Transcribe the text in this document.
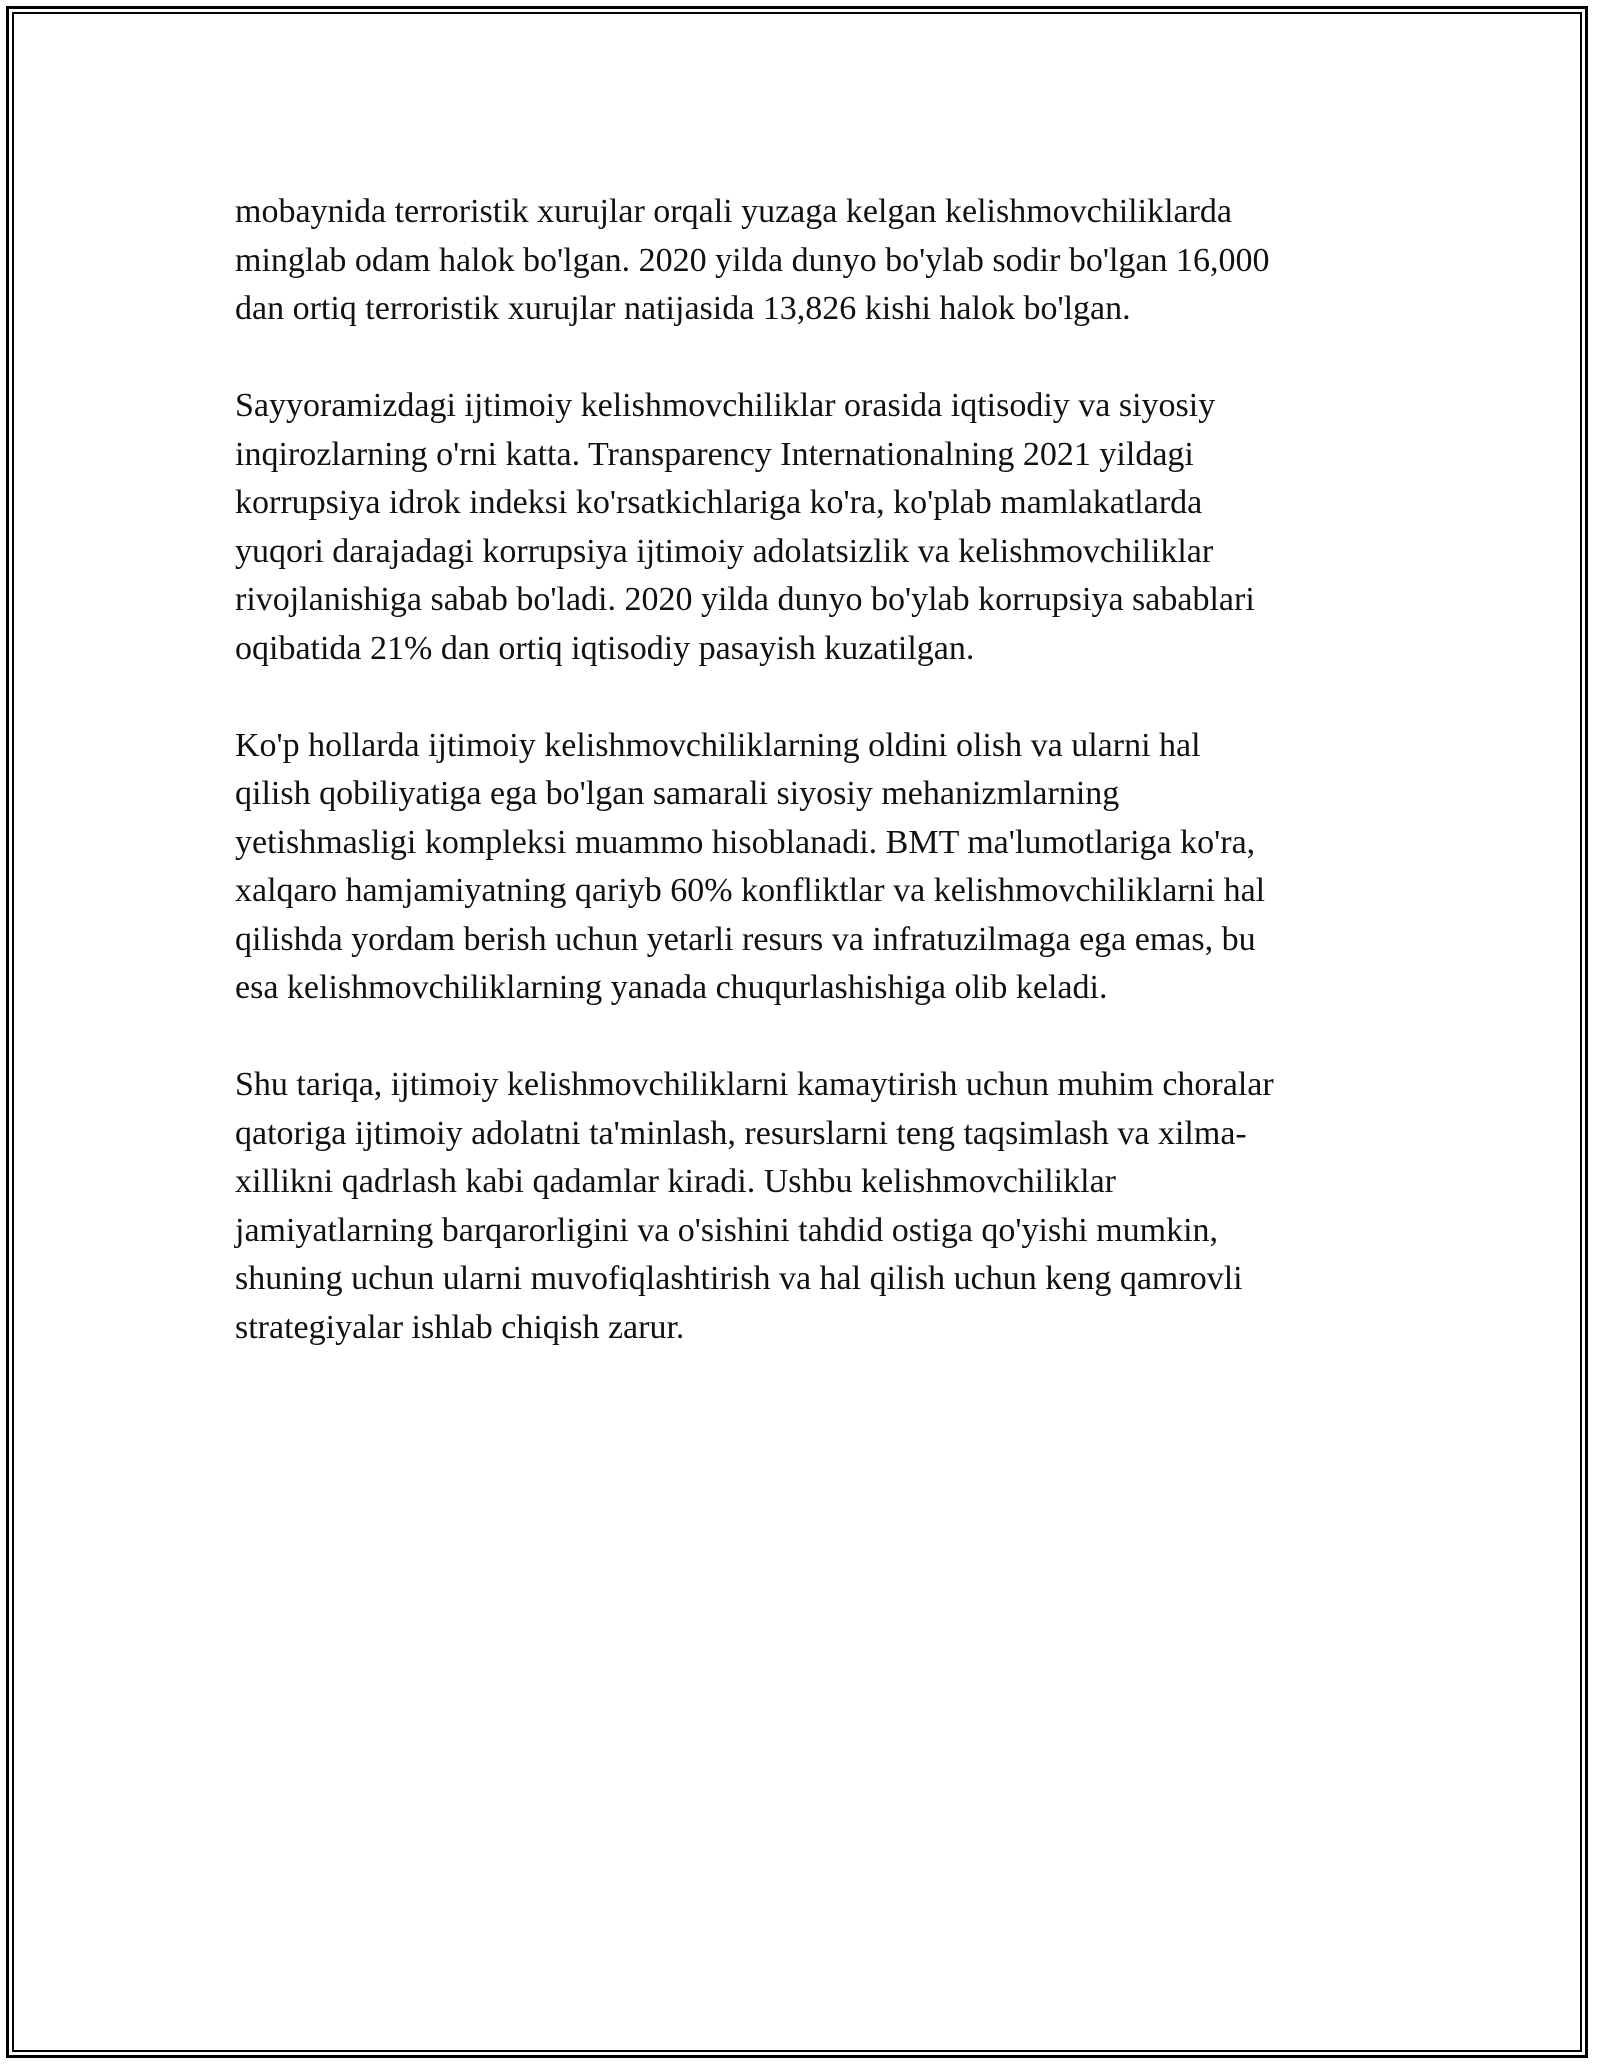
mobaynida terroristik xurujlar orqali yuzaga kelgan kelishmovchiliklarda
minglab odam halok bo'lgan. 2020 yilda dunyo bo'ylab sodir bo'lgan 16,000
dan ortiq terroristik xurujlar natijasida 13,826 kishi halok bo'lgan.

Sayyoramizdagi ijtimoiy kelishmovchiliklar orasida iqtisodiy va siyosiy
inqirozlarning o'rni katta. Transparency Internationalning 2021 yildagi
korrupsiya idrok indeksi ko'rsatkichlariga ko'ra, ko'plab mamlakatlarda
yuqori darajadagi korrupsiya ijtimoiy adolatsizlik va kelishmovchiliklar
rivojlanishiga sabab bo'ladi. 2020 yilda dunyo bo'ylab korrupsiya sabablari
oqibatida 21% dan ortiq iqtisodiy pasayish kuzatilgan.

Ko'p hollarda ijtimoiy kelishmovchiliklarning oldini olish va ularni hal
qilish qobiliyatiga ega bo'lgan samarali siyosiy mehanizmlarning
yetishmasligi kompleksi muammo hisoblanadi. BMT ma'lumotlariga ko'ra,
xalqaro hamjamiyatning qariyb 60% konfliktlar va kelishmovchiliklarni hal
qilishda yordam berish uchun yetarli resurs va infratuzilmaga ega emas, bu
esa kelishmovchiliklarning yanada chuqurlashishiga olib keladi.

Shu tariqa, ijtimoiy kelishmovchiliklarni kamaytirish uchun muhim choralar
qatoriga ijtimoiy adolatni ta'minlash, resurslarni teng taqsimlash va xilma-
xillikni qadrlash kabi qadamlar kiradi. Ushbu kelishmovchiliklar
jamiyatlarning barqarorligini va o'sishini tahdid ostiga qo'yishi mumkin,
shuning uchun ularni muvofiqlashtirish va hal qilish uchun keng qamrovli
strategiyalar ishlab chiqish zarur.
